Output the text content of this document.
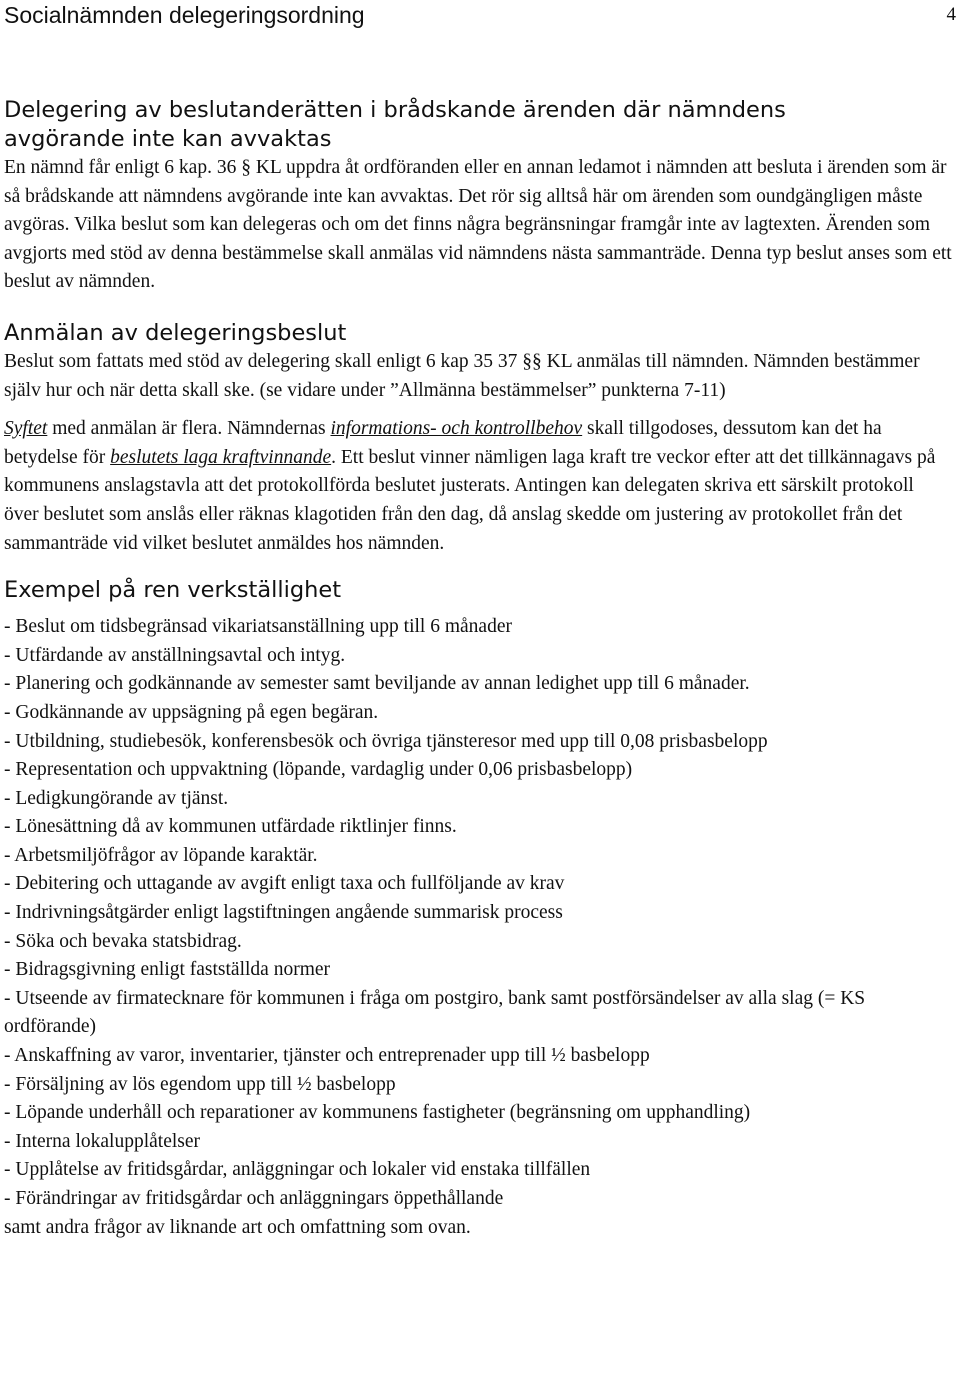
Socialnämnden delegeringsordning	4
Delegering av beslutanderätten i brådskande ärenden där nämndens
avgörande inte kan avvaktas

En nämnd får enligt 6 kap. 36 § KL uppdra åt ordföranden eller en annan ledamot i nämnden att besluta i ärenden som är så brådskande att nämndens avgörande inte kan avvaktas. Det rör sig alltså här om ärenden som oundgängligen måste avgöras. Vilka beslut som kan delegeras och om det finns några begränsningar framgår inte av lagtexten. Ärenden som avgjorts med stöd av denna bestämmelse skall anmälas vid nämndens nästa sammanträde. Denna typ beslut anses som ett beslut av nämnden.

Anmälan av delegeringsbeslut

Beslut som fattats med stöd av delegering skall enligt 6 kap 35 37 §§ KL anmälas till nämnden. Nämnden bestämmer själv hur och när detta skall ske. (se vidare under ”Allmänna bestämmelser” punkterna 7-11)

Syftet med anmälan är flera. Nämndernas informations- och kontrollbehov skall tillgodoses, dessutom kan det ha betydelse för beslutets laga kraftvinnande. Ett beslut vinner nämligen laga kraft tre veckor efter att det tillkännagavs på kommunens anslagstavla att det protokollförda beslutet justerats. Antingen kan delegaten skriva ett särskilt protokoll över beslutet som anslås eller räknas klagotiden från den dag, då anslag skedde om justering av protokollet från det sammanträde vid vilket beslutet anmäldes hos nämnden.

Exempel på ren verkställighet
- Beslut om tidsbegränsad vikariatsanställning upp till 6 månader
- Utfärdande av anställningsavtal och intyg.
- Planering och godkännande av semester samt beviljande av annan ledighet upp till 6 månader.
- Godkännande av uppsägning på egen begäran.
- Utbildning, studiebesök, konferensbesök och övriga tjänsteresor med upp till 0,08 prisbasbelopp
- Representation och uppvaktning (löpande, vardaglig under 0,06 prisbasbelopp)
- Ledigkungörande av tjänst.
- Lönesättning då av kommunen utfärdade riktlinjer finns.
- Arbetsmiljöfrågor av löpande karaktär.
- Debitering och uttagande av avgift enligt taxa och fullföljande av krav
- Indrivningsåtgärder enligt lagstiftningen angående summarisk process
- Söka och bevaka statsbidrag.
- Bidragsgivning enligt fastställda normer
- Utseende av firmatecknare för kommunen i fråga om postgiro, bank samt postförsändelser av alla slag (= KS ordförande)
- Anskaffning av varor, inventarier, tjänster och entreprenader upp till ½ basbelopp
- Försäljning av lös egendom upp till ½ basbelopp
- Löpande underhåll och reparationer av kommunens fastigheter (begränsning om upphandling)
- Interna lokalupplåtelser
- Upplåtelse av fritidsgårdar, anläggningar och lokaler vid enstaka tillfällen
- Förändringar av fritidsgårdar och anläggningars öppethållande
samt andra frågor av liknande art och omfattning som ovan.
